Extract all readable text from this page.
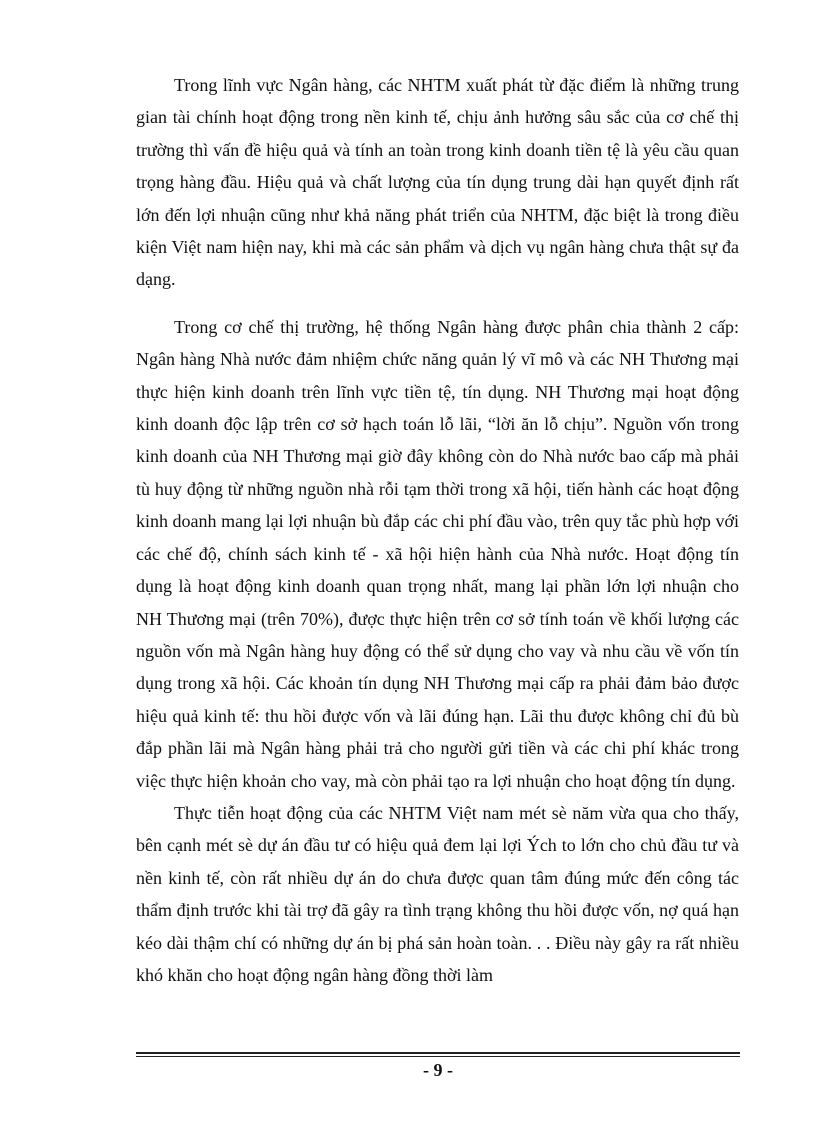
Trong lĩnh vực Ngân hàng, các NHTM xuất phát từ đặc điểm là những trung gian tài chính hoạt động trong nền kinh tế, chịu ảnh hưởng sâu sắc của cơ chế thị trường thì vấn đề hiệu quả và tính an toàn trong kinh doanh tiền tệ là yêu cầu quan trọng hàng đầu. Hiệu quả và chất lượng của tín dụng trung dài hạn quyết định rất lớn đến lợi nhuận cũng như khả năng phát triển của NHTM, đặc biệt là trong điều kiện Việt nam hiện nay, khi mà các sản phẩm và dịch vụ ngân hàng chưa thật sự đa dạng.

Trong cơ chế thị trường, hệ thống Ngân hàng được phân chia thành 2 cấp: Ngân hàng Nhà nước đảm nhiệm chức năng quản lý vĩ mô và các NH Thương mại thực hiện kinh doanh trên lĩnh vực tiền tệ, tín dụng. NH Thương mại hoạt động kinh doanh độc lập trên cơ sở hạch toán lỗ lãi, “lời ăn lỗ chịu”. Nguồn vốn trong kinh doanh của NH Thương mại giờ đây không còn do Nhà nước bao cấp mà phải tù huy động từ những nguồn nhà rỗi tạm thời trong xã hội, tiến hành các hoạt động kinh doanh mang lại lợi nhuận bù đắp các chi phí đầu vào, trên quy tắc phù hợp với các chế độ, chính sách kinh tế - xã hội hiện hành của Nhà nước. Hoạt động tín dụng là hoạt động kinh doanh quan trọng nhất, mang lại phần lớn lợi nhuận cho NH Thương mại (trên 70%), được thực hiện trên cơ sở tính toán về khối lượng các nguồn vốn mà Ngân hàng huy động có thể sử dụng cho vay và nhu cầu về vốn tín dụng trong xã hội. Các khoản tín dụng NH Thương mại cấp ra phải đảm bảo được hiệu quả kinh tế: thu hồi được vốn và lãi đúng hạn. Lãi thu được không chỉ đủ bù đắp phần lãi mà Ngân hàng phải trả cho người gửi tiền và các chi phí khác trong việc thực hiện khoản cho vay, mà còn phải tạo ra lợi nhuận cho hoạt động tín dụng.

Thực tiễn hoạt động của các NHTM Việt nam mét sè năm vừa qua cho thấy, bên cạnh mét sè dự án đầu tư có hiệu quả đem lại lợi Ých to lớn cho chủ đầu tư và nền kinh tế, còn rất nhiều dự án do chưa được quan tâm đúng mức đến công tác thẩm định trước khi tài trợ đã gây ra tình trạng không thu hồi được vốn, nợ quá hạn kéo dài thậm chí có những dự án bị phá sản hoàn toàn. . . Điều này gây ra rất nhiều khó khăn cho hoạt động ngân hàng đồng thời làm

- 9 -
